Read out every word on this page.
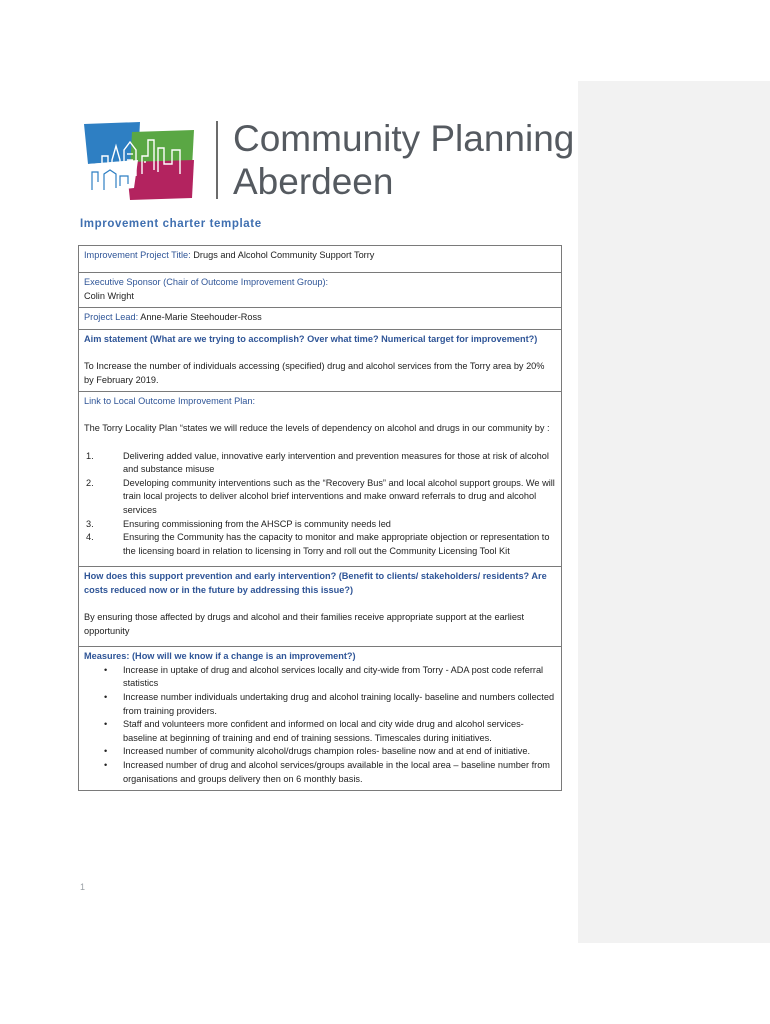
Community Planning
Aberdeen
Improvement charter template
Improvement Project Title: Drugs and Alcohol Community Support Torry

Executive Sponsor (Chair of Outcome Improvement Group):
Colin Wright

Project Lead: Anne-Marie Steehouder-Ross

Aim statement (What are we trying to accomplish? Over what time? Numerical target for improvement?)
To Increase the number of individuals accessing (specified) drug and alcohol services from the Torry area by 20% by February 2019.

Link to Local Outcome Improvement Plan:
The Torry Locality Plan “states we will reduce the levels of dependency on alcohol and drugs in our community by :
1.	Delivering added value, innovative early intervention and prevention measures for those at risk of alcohol and substance misuse
2.	Developing community interventions such as the “Recovery Bus” and local alcohol support groups. We will train local projects to deliver alcohol brief interventions and make onward referrals to drug and alcohol services
3.	Ensuring commissioning from the AHSCP is community needs led
4.	Ensuring the Community has the capacity to monitor and make appropriate objection or representation to the licensing board in relation to licensing in Torry and roll out the Community Licensing Tool Kit

How does this support prevention and early intervention? (Benefit to clients/ stakeholders/ residents? Are costs reduced now or in the future by addressing this issue?)
By ensuring those affected by drugs and alcohol and their families receive appropriate support at the earliest opportunity

Measures: (How will we know if a change is an improvement?)
• Increase in uptake of drug and alcohol services locally and city-wide from Torry - ADA post code referral statistics
• Increase number individuals undertaking drug and alcohol training locally- baseline and numbers collected from training providers.
• Staff and volunteers more confident and informed on local and city wide drug and alcohol services- baseline at beginning of training and end of training sessions. Timescales during initiatives.
• Increased number of community alcohol/drugs champion roles- baseline now and at end of initiative.
• Increased number of drug and alcohol services/groups available in the local area – baseline number from organisations and groups delivery then on 6 monthly basis.
1
